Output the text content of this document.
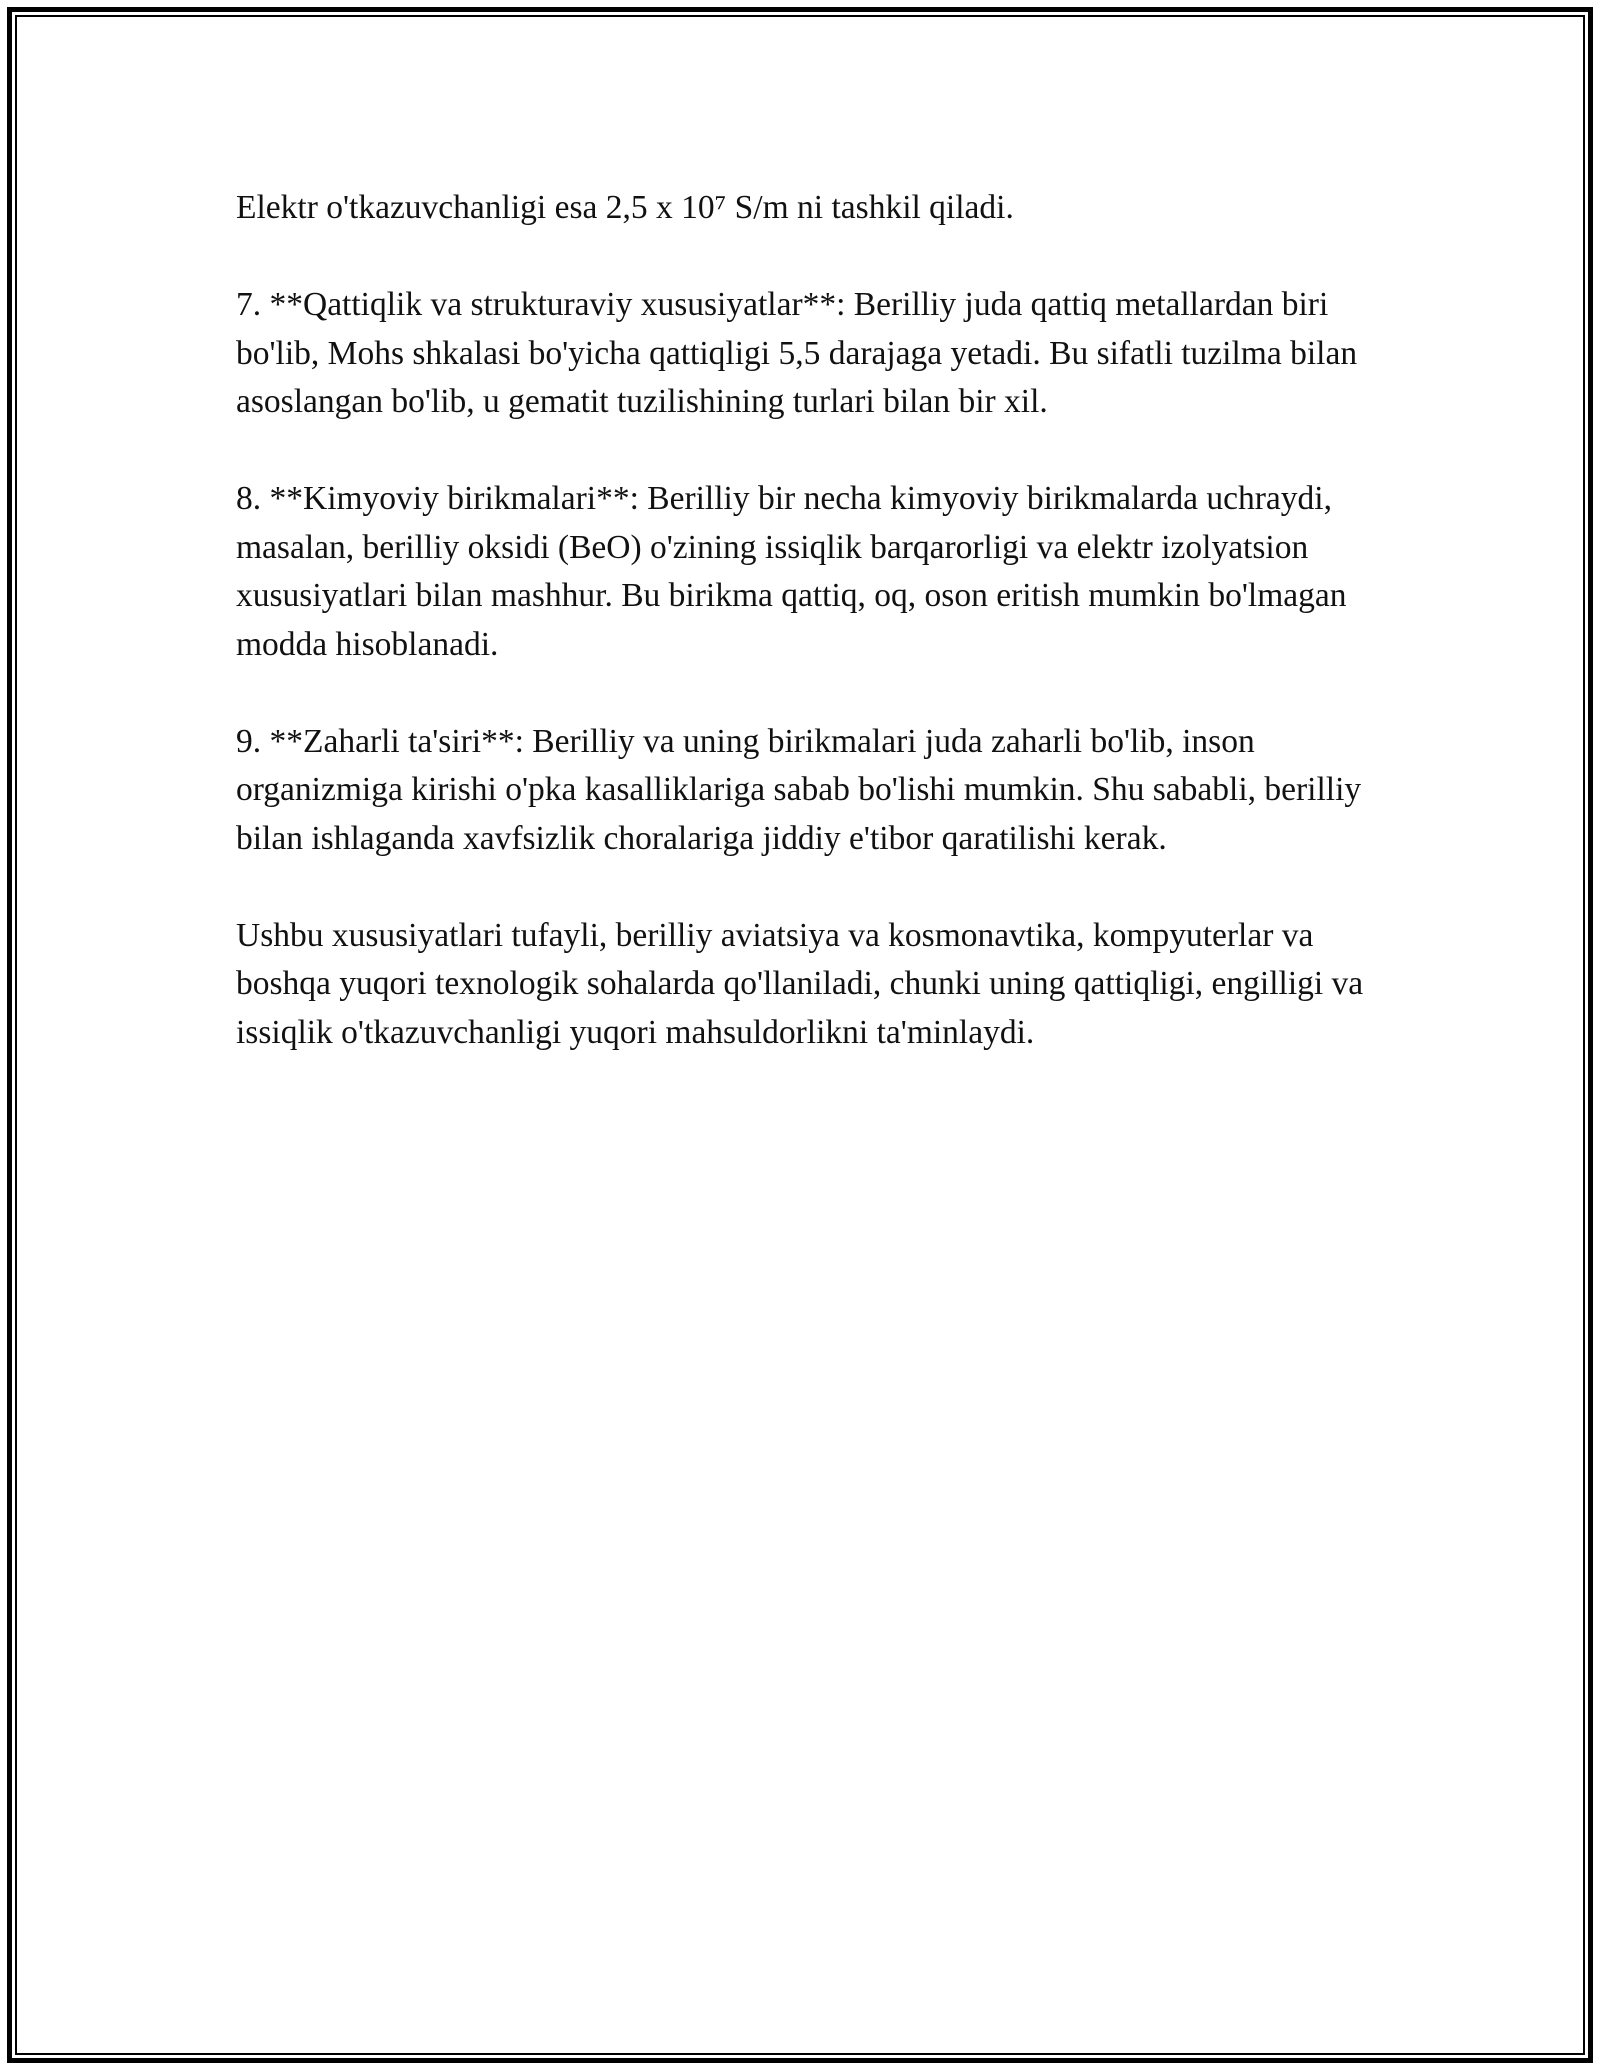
Elektr o'tkazuvchanligi esa 2,5 x 10⁷ S/m ni tashkil qiladi.

7. **Qattiqlik va strukturaviy xususiyatlar**: Berilliy juda qattiq metallardan biri bo'lib, Mohs shkalasi bo'yicha qattiqligi 5,5 darajaga yetadi. Bu sifatli tuzilma bilan asoslangan bo'lib, u gematit tuzilishining turlari bilan bir xil.

8. **Kimyoviy birikmalari**: Berilliy bir necha kimyoviy birikmalarda uchraydi, masalan, berilliy oksidi (BeO) o'zining issiqlik barqarorligi va elektr izolyatsion xususiyatlari bilan mashhur. Bu birikma qattiq, oq, oson eritish mumkin bo'lmagan modda hisoblanadi.

9. **Zaharli ta'siri**: Berilliy va uning birikmalari juda zaharli bo'lib, inson organizmiga kirishi o'pka kasalliklariga sabab bo'lishi mumkin. Shu sababli, berilliy bilan ishlaganda xavfsizlik choralariga jiddiy e'tibor qaratilishi kerak.

Ushbu xususiyatlari tufayli, berilliy aviatsiya va kosmonavtika, kompyuterlar va boshqa yuqori texnologik sohalarda qo'llaniladi, chunki uning qattiqligi, engilligi va issiqlik o'tkazuvchanligi yuqori mahsuldorlikni ta'minlaydi.
